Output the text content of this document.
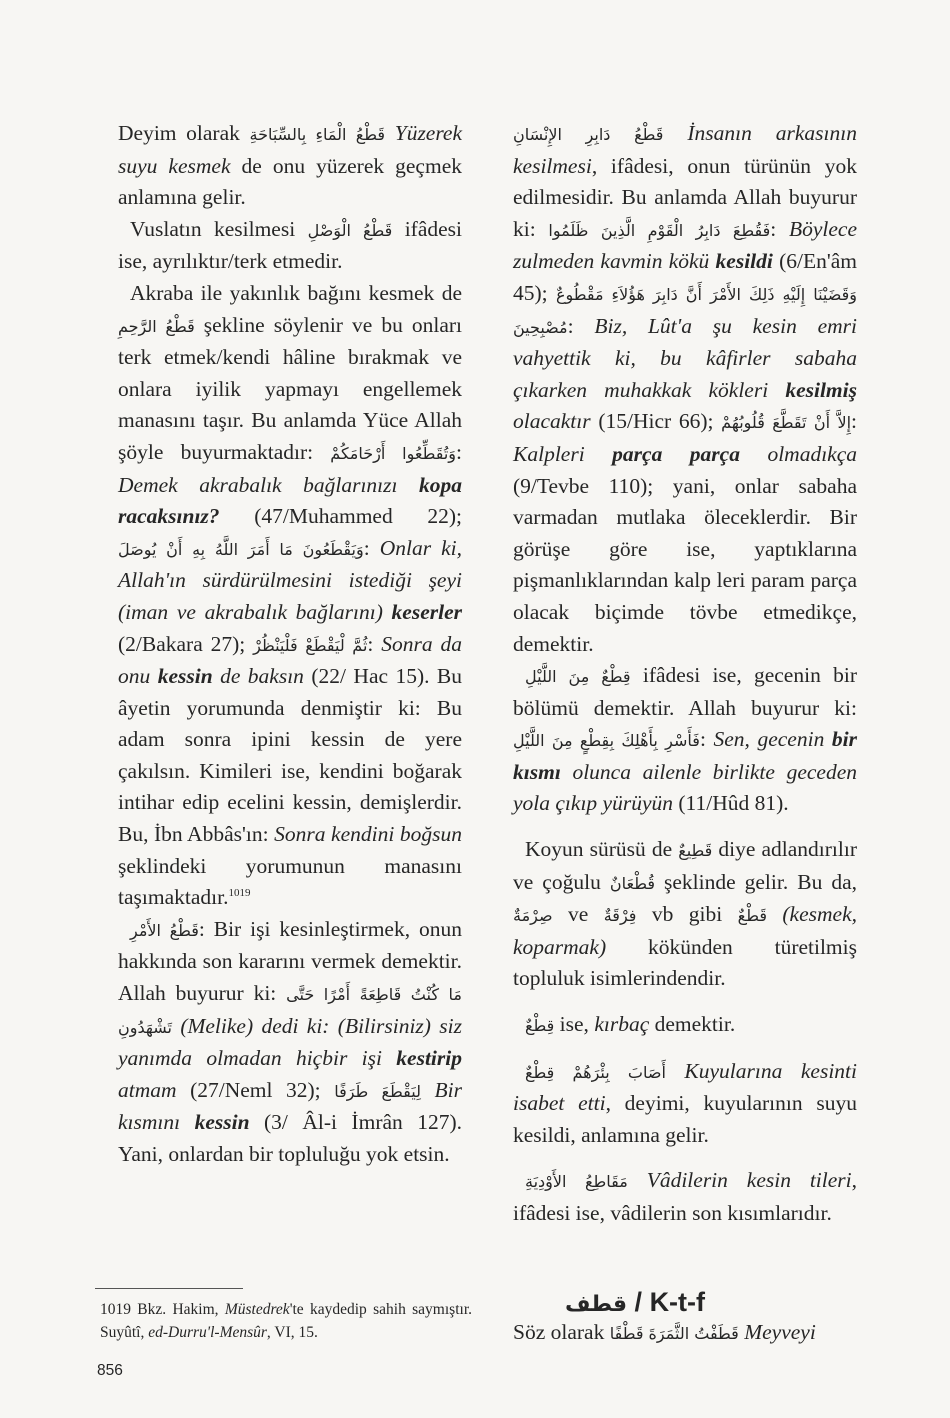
Deyim olarak قَطْعُ الْمَاءِ بِالسِّبَاحَةِ Yüzerek suyu kesmek de onu yüzerek geçmek anlamına gelir.

Vuslatın kesilmesi قَطْعُ الْوَصْلِ ifâdesi ise, ayrılıktır/terk etmedir.

Akraba ile yakınlık bağını kesmek de قَطْعُ الرَّحِمِ şekline söylenir ve bu onları terk etmek/kendi hâline bırakmak ve onlara iyilik yapmayı engellemek manasını taşır. Bu anlamda Yüce Allah şöyle buyurmaktadır: وَتُقَطِّعُوا أَرْحَامَكُمْ: Demek akrabalık bağlarınızı kopa racaksınız? (47/Muhammed 22); وَيَقْطَعُونَ مَا أَمَرَ اللَّهُ بِهِ أَنْ يُوصَلَ: Onlar ki, Allah'ın sürdürülmesini istediği şeyi (iman ve akrabalık bağlarını) keserler (2/Bakara 27); ثُمَّ لْيَقْطَعْ فَلْيَنْظُرْ: Sonra da onu kessin de baksın (22/ Hac 15). Bu âyetin yorumunda denmiştir ki: Bu adam sonra ipini kessin de yere çakılsın. Kimileri ise, kendini boğarak intihar edip ecelini kessin, demişlerdir. Bu, İbn Abbâs'ın: Sonra kendini boğsun şeklindeki yorumunun manasını taşımaktadır.$^{1019}$

قَطْعُ الأَمْرِ: Bir işi kesinleştirmek, onun hakkında son kararını vermek demektir. Allah buyurur ki: مَا كُنْتُ قَاطِعَةً أَمْرًا حَتَّى تَشْهَدُونِ (Melike) dedi ki: (Bilirsiniz) siz yanımda olmadan hiçbir işi kestirip atmam (27/Neml 32); لِيَقْطَعَ طَرَفًا Bir kısmını kessin (3/ Âl-i İmrân 127). Yani, onlardan bir topluluğu yok etsin.

قَطْعُ دَابِرِ الإِنْسَانِ İnsanın arkasının kesilmesi, ifâdesi, onun türünün yok edilmesidir. Bu anlamda Allah buyurur ki: فَقُطِعَ دَابِرُ الْقَوْمِ الَّذِينَ ظَلَمُوا: Böylece zulmeden kavmin kökü kesildi (6/En'âm 45); وَقَضَيْنَا إِلَيْهِ ذَلِكَ الأَمْرَ أَنَّ دَابِرَ هَؤُلاَءِ مَقْطُوعٌ مُصْبِحِينَ: Biz, Lût'a şu kesin emri vahyettik ki, bu kâfirler sabaha çıkarken muhakkak kökleri kesilmiş olacaktır (15/Hicr 66); إِلاَّ أَنْ تَقَطَّعَ قُلُوبُهُمْ: Kalpleri parça parça olmadıkça (9/Tevbe 110); yani, onlar sabaha varmadan mutlaka öleceklerdir. Bir görüşe göre ise, yaptıklarına pişmanlıklarından kalp leri param parça olacak biçimde tövbe etmedikçe, demektir.

قِطْعٌ مِنَ اللَّيْلِ ifâdesi ise, gecenin bir bölümü demektir. Allah buyurur ki: فَأَسْرِ بِأَهْلِكَ بِقِطْعٍ مِنَ اللَّيْلِ: Sen, gecenin bir kısmı olunca ailenle birlikte geceden yola çıkıp yürüyün (11/Hûd 81).

Koyun sürüsü de قَطِيعٌ diye adlandırılır ve çoğulu قُطْعَانٌ şeklinde gelir. Bu da, صِرْمَةٌ ve فِرْقَةٌ vb gibi قَطْعٌ (kesmek, koparmak) kökünden türetilmiş topluluk isimlerindendir.

قِطْعٌ ise, kırbaç demektir.

أَصَابَ بِئْرَهُمْ قِطْعٌ Kuyularına kesinti isabet etti, deyimi, kuyularının suyu kesildi, anlamına gelir.

مَقَاطِعُ الأَوْدِيَةِ Vâdilerin kesin tileri, ifâdesi ise, vâdilerin son kısımlarıdır.

قطف / K-t-f
Söz olarak قَطَفْتُ الثَّمَرَةَ قَطْفًا Meyveyi
1019 Bkz. Hakim, Müstedrek'te kaydedip sahih saymıştır. Suyûtî, ed-Durru'l-Mensûr, VI, 15.
856
